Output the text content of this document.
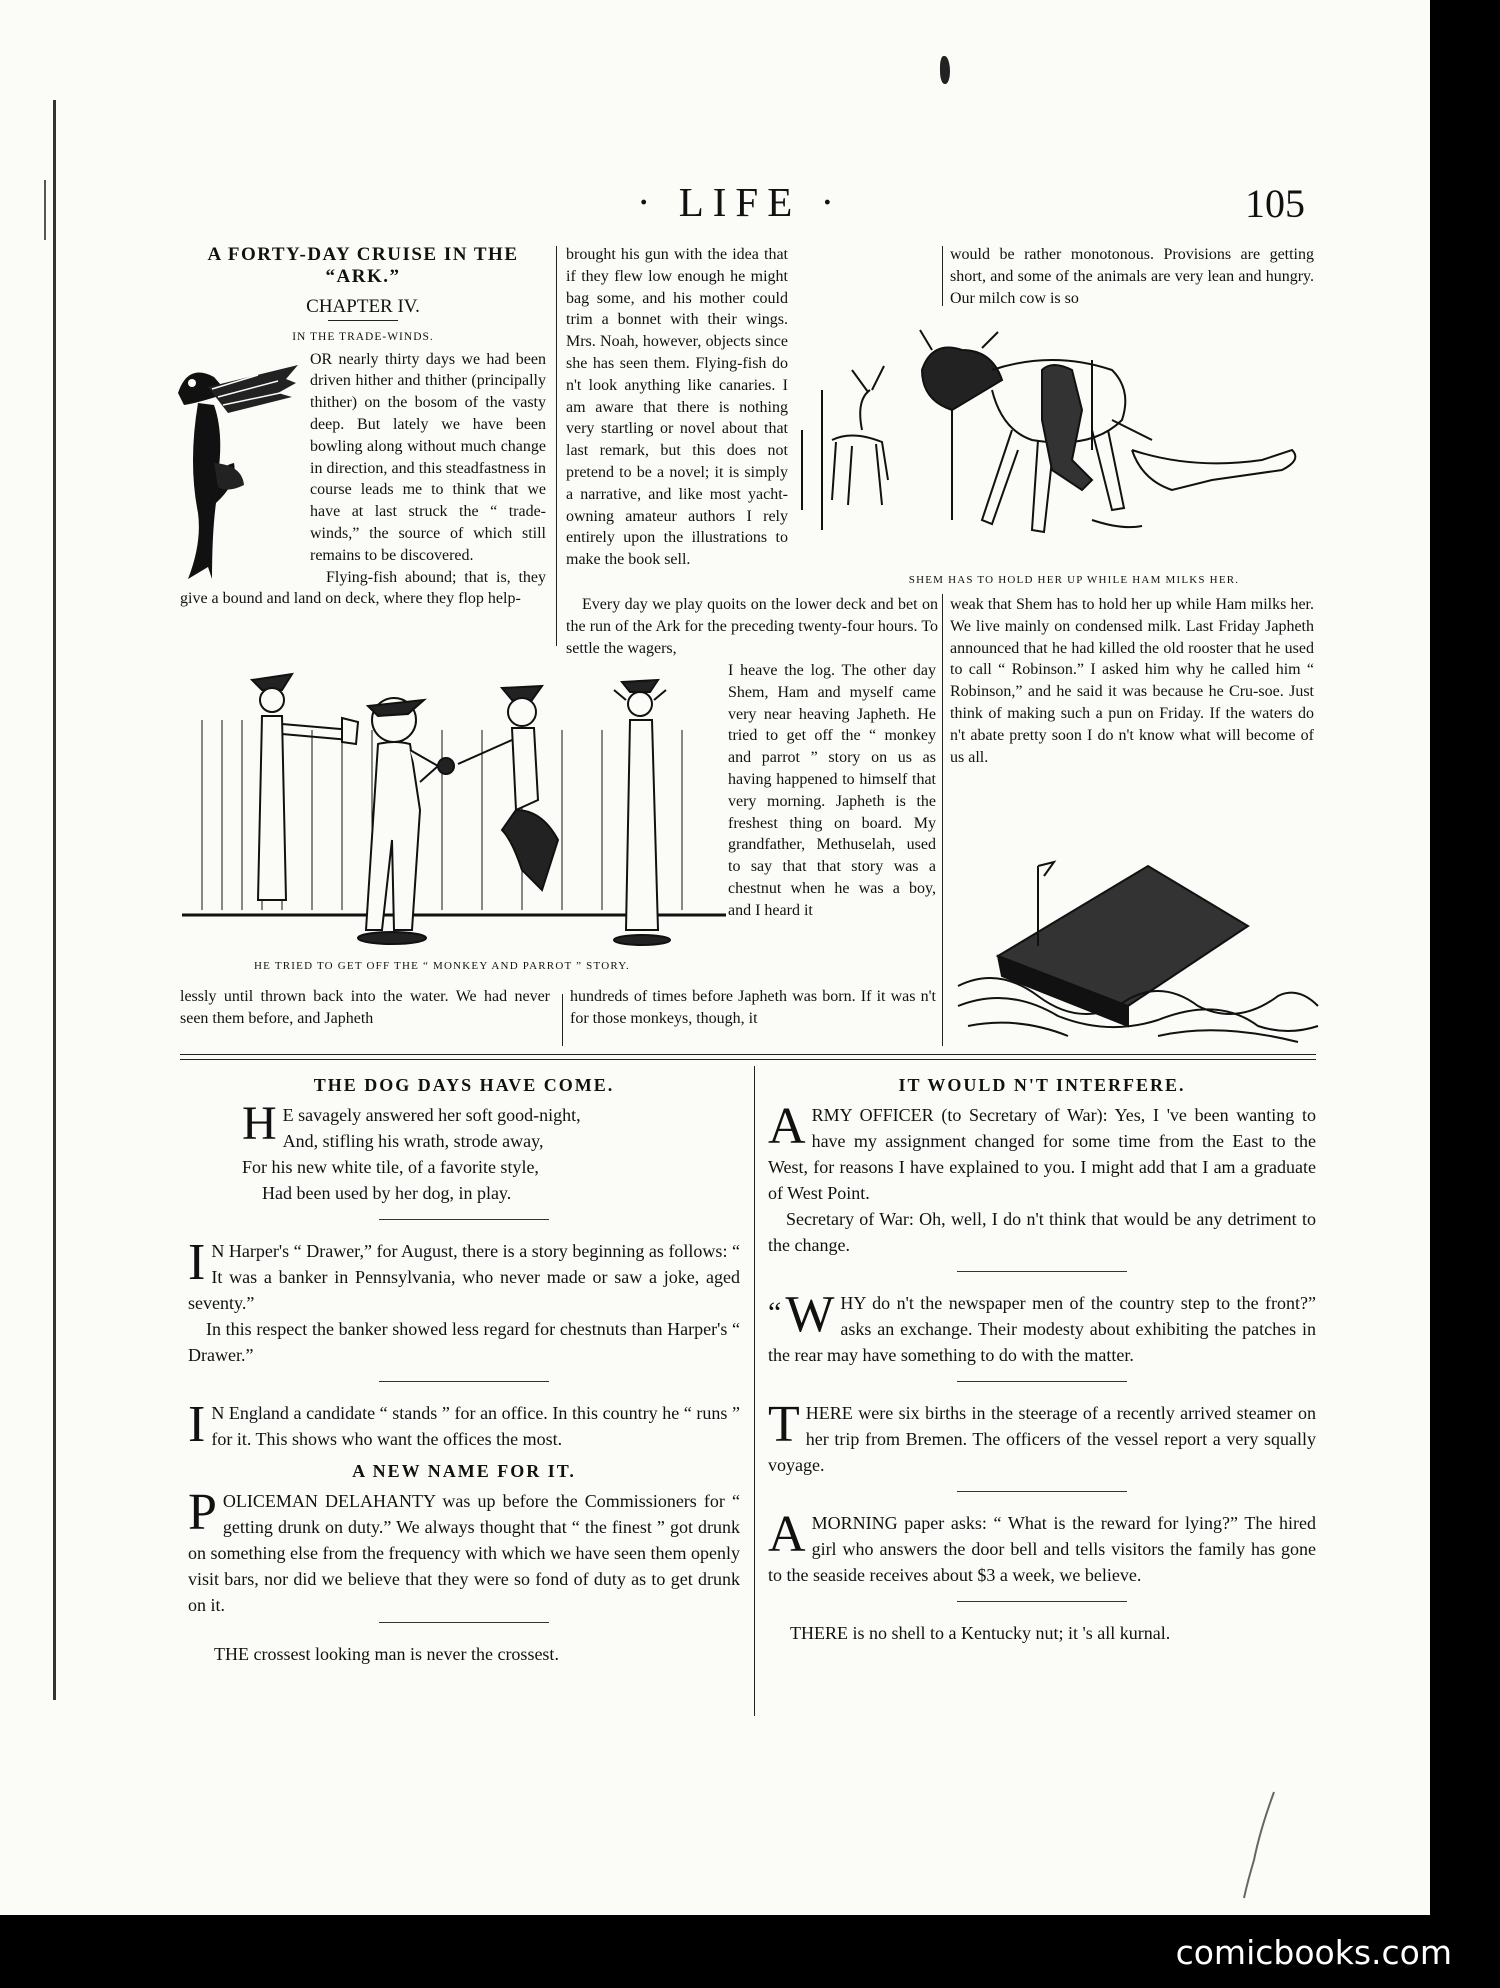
· LIFE ·	105
A FORTY-DAY CRUISE IN THE “ARK.”
CHAPTER IV.
IN THE TRADE-WINDS.

OR nearly thirty days we had been driven hither and thither (principally thither) on the bosom of the vasty deep. But lately we have been bowling along without much change in direction, and this steadfastness in course leads me to think that we have at last struck the “ trade-winds,” the source of which still remains to be discovered.

Flying-fish abound; that is, they give a bound and land on deck, where they flop help-

lessly until thrown back into the water. We had never seen them before, and Japheth

brought his gun with the idea that if they flew low enough he might bag some, and his mother could trim a bonnet with their wings. Mrs. Noah, however, objects since she has seen them. Flying-fish do n't look anything like canaries. I am aware that there is nothing very startling or novel about that last remark, but this does not pretend to be a novel; it is simply a narrative, and like most yacht-owning amateur authors I rely entirely upon the illustrations to make the book sell.

Every day we play quoits on the lower deck and bet on the run of the Ark for the preceding twenty-four hours. To settle the wagers,

I heave the log. The other day Shem, Ham and myself came very near heaving Japheth. He tried to get off the “ monkey and parrot ” story on us as having happened to himself that very morning. Japheth is the freshest thing on board. My grandfather, Methuselah, used to say that that story was a chestnut when he was a boy, and I heard it
hundreds of times before Japheth was born. If it was n't for those monkeys, though, it
would be rather monotonous. Provisions are getting short, and some of the animals are very lean and hungry. Our milch cow is so
weak that Shem has to hold her up while Ham milks her. We live mainly on condensed milk. Last Friday Japheth announced that he had killed the old rooster that he used to call “ Robinson.” I asked him why he called him “ Robinson,” and he said it was because he Cru-soe. Just think of making such a pun on Friday. If the waters do n't abate pretty soon I do n't know what will become of us all.
SHEM HAS TO HOLD HER UP WHILE HAM MILKS HER.
HE TRIED TO GET OFF THE “ MONKEY AND PARROT ” STORY.
THE DOG DAYS HAVE COME.
H E savagely answered her soft good-night,
And, stifling his wrath, strode away,
For his new white tile, of a favorite style,
Had been used by her dog, in play.

I N Harper's “ Drawer,” for August, there is a story beginning as follows: “ It was a banker in Pennsylvania, who never made or saw a joke, aged seventy.”

In this respect the banker showed less regard for chestnuts than Harper's “ Drawer.”

I N England a candidate “ stands ” for an office. In this country he “ runs ” for it. This shows who want the offices the most.

A NEW NAME FOR IT.

POLICEMAN DELAHANTY was up before the Commissioners for “ getting drunk on duty.” We always thought that “ the finest ” got drunk on something else from the frequency with which we have seen them openly visit bars, nor did we believe that they were so fond of duty as to get drunk on it.

THE crossest looking man is never the crossest.

IT WOULD N'T INTERFERE.

ARMY OFFICER (to Secretary of War): Yes, I 've been wanting to have my assignment changed for some time from the East to the West, for reasons I have explained to you. I might add that I am a graduate of West Point.

Secretary of War: Oh, well, I do n't think that would be any detriment to the change.

“ W HY do n't the newspaper men of the country step to the front?” asks an exchange. Their modesty about exhibiting the patches in the rear may have something to do with the matter.

THERE were six births in the steerage of a recently arrived steamer on her trip from Bremen. The officers of the vessel report a very squally voyage.

AMORNING paper asks: “ What is the reward for lying?” The hired girl who answers the door bell and tells visitors the family has gone to the seaside receives about $3 a week, we believe.

THERE is no shell to a Kentucky nut; it 's all kurnal.

comicbooks.com
